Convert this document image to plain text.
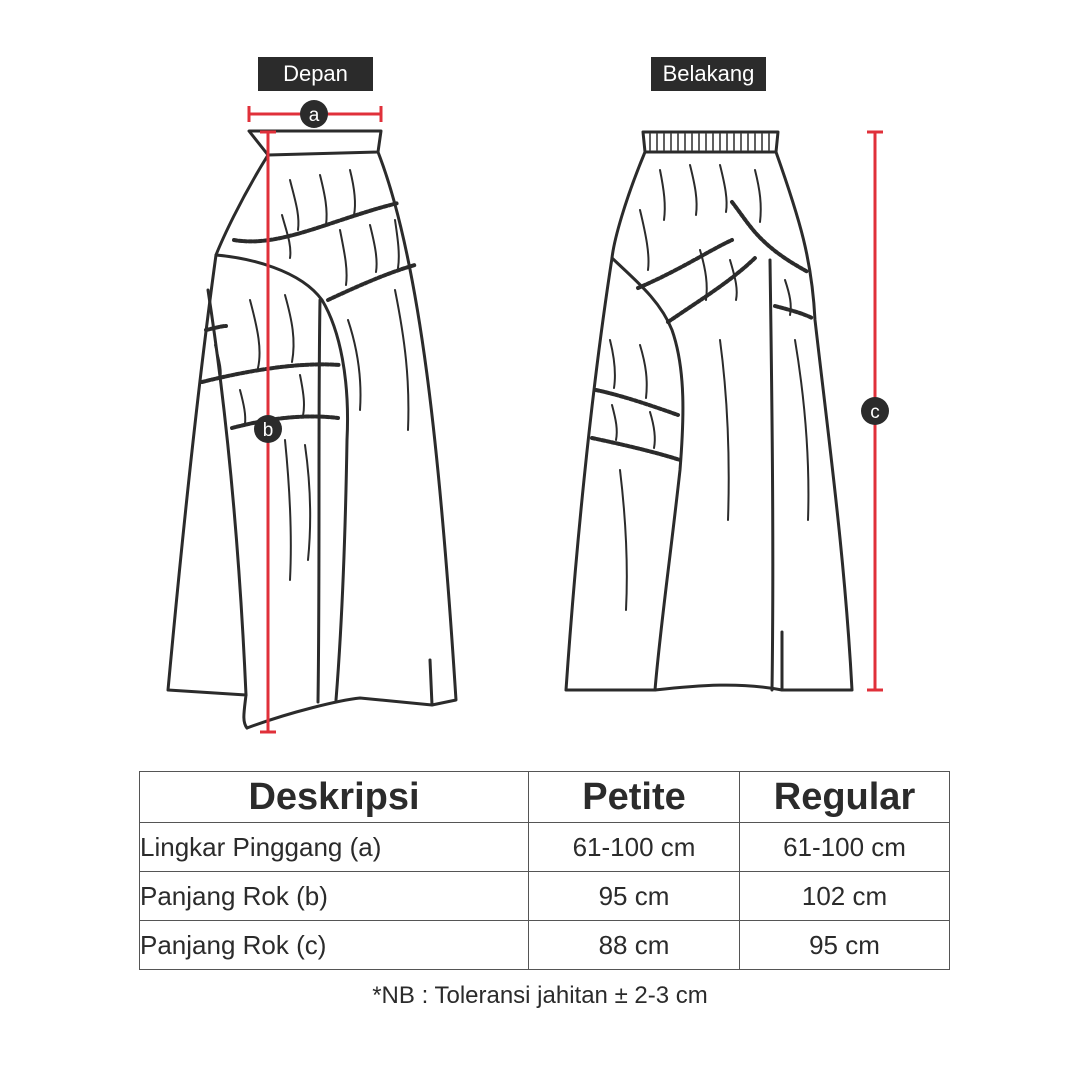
Depan	Belakang
a
b
c
Deskripsi	Petite	Regular
Lingkar Pinggang (a)	61-100 cm	61-100 cm
Panjang Rok (b)	95 cm	102 cm
Panjang Rok (c)	88 cm	95 cm
*NB : Toleransi jahitan ± 2-3 cm
